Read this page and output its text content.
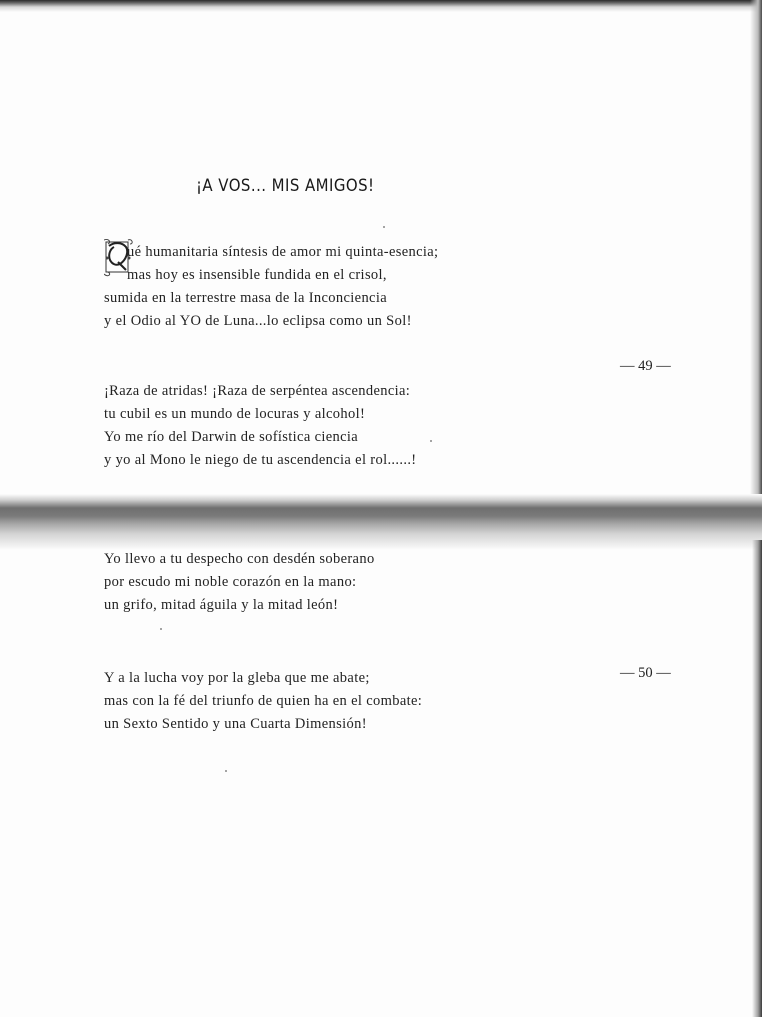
¡A VOS... MIS AMIGOS!
ué humanitaria síntesis de amor mi quinta-esencia;
mas hoy es insensible fundida en el crisol,
sumida en la terrestre masa de la Inconciencia
y el Odio al YO de Luna...lo eclipsa como un Sol!
— 49 —
¡Raza de atridas! ¡Raza de serpéntea ascendencia:
tu cubil es un mundo de locuras y alcohol!
Yo me río del Darwin de sofística ciencia
y yo al Mono le niego de tu ascendencia el rol......!
Yo llevo a tu despecho con desdén soberano
por escudo mi noble corazón en la mano:
un grifo, mitad águila y la mitad león!
— 50 —
Y a la lucha voy por la gleba que me abate;
mas con la fé del triunfo de quien ha en el combate:
un Sexto Sentido y una Cuarta Dimensión!
